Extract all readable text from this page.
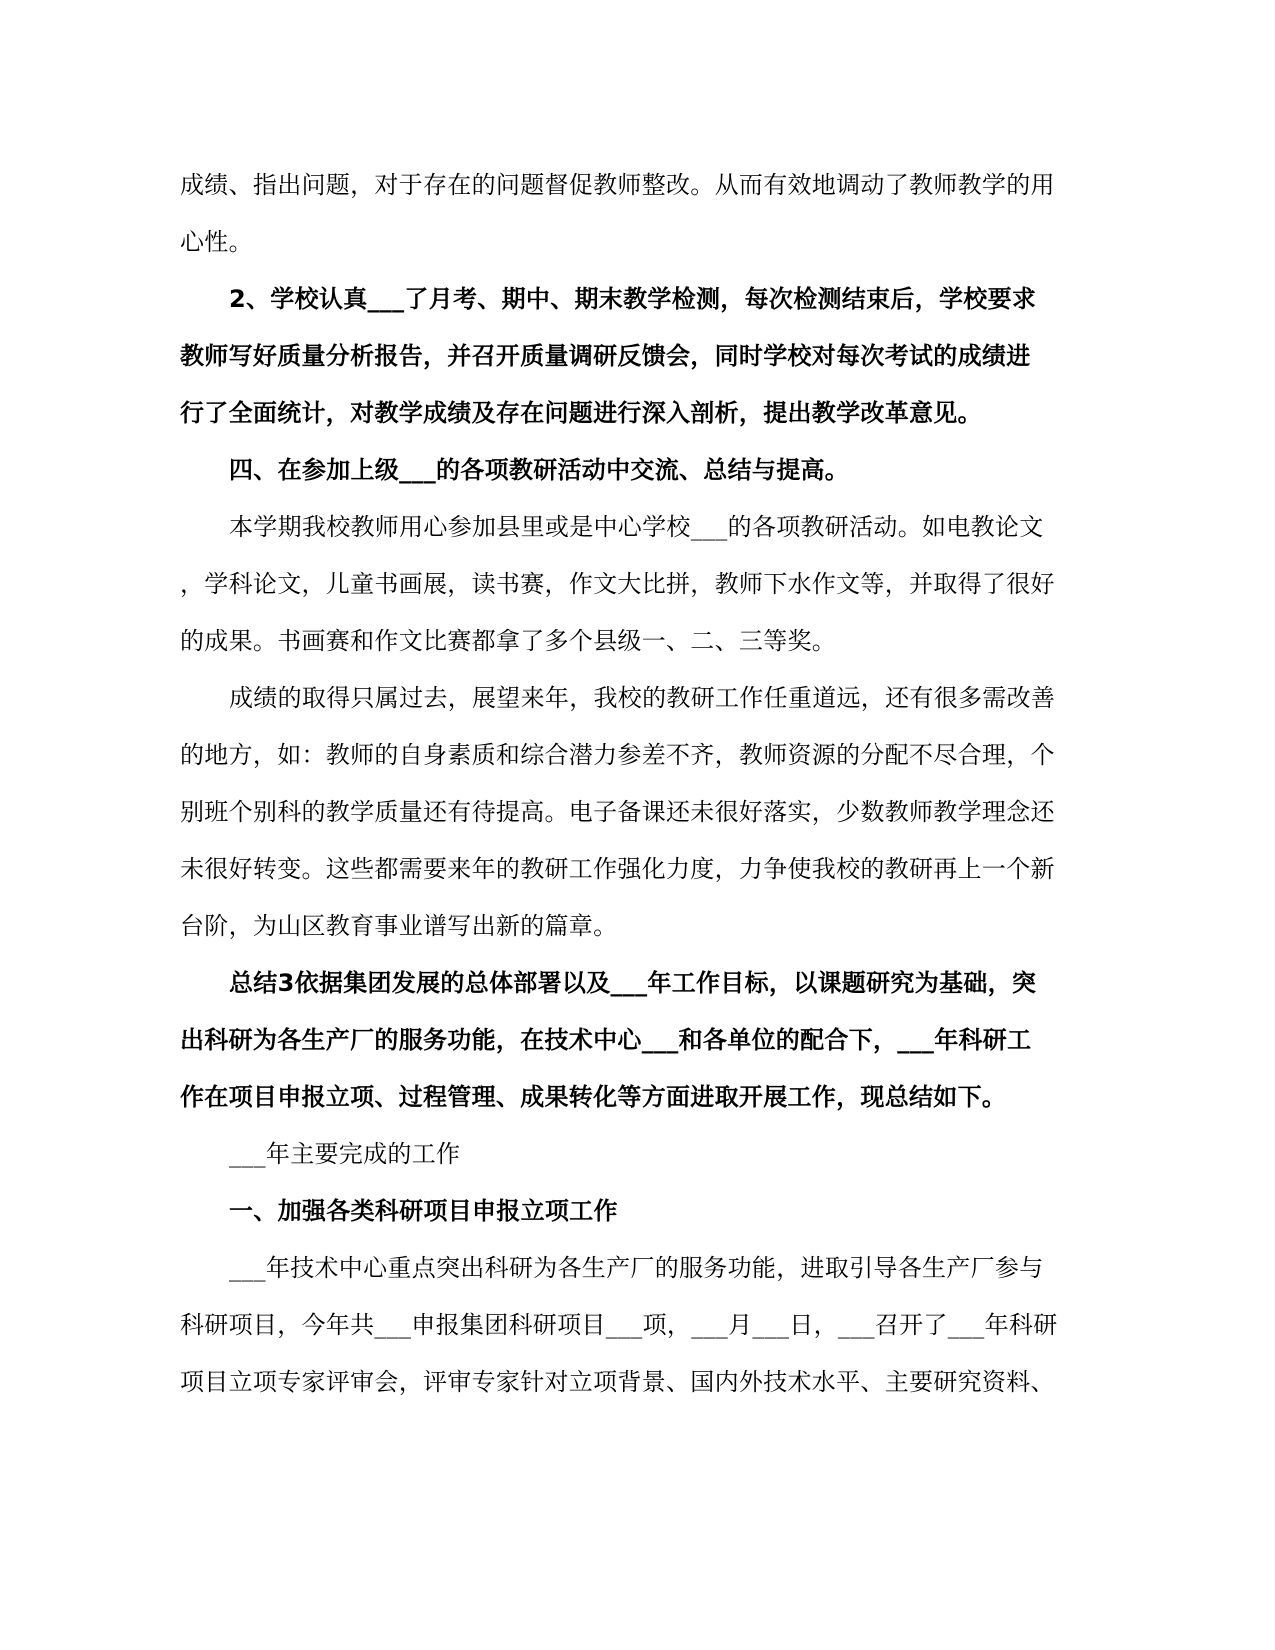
成绩、指出问题，对于存在的问题督促教师整改。从而有效地调动了教师教学的用
心性。
2、学校认真___了月考、期中、期末教学检测，每次检测结束后，学校要求
教师写好质量分析报告，并召开质量调研反馈会，同时学校对每次考试的成绩进
行了全面统计，对教学成绩及存在问题进行深入剖析，提出教学改革意见。
四、在参加上级___的各项教研活动中交流、总结与提高。
本学期我校教师用心参加县里或是中心学校___的各项教研活动。如电教论文
，学科论文，儿童书画展，读书赛，作文大比拼，教师下水作文等，并取得了很好
的成果。书画赛和作文比赛都拿了多个县级一、二、三等奖。
成绩的取得只属过去，展望来年，我校的教研工作任重道远，还有很多需改善
的地方，如：教师的自身素质和综合潜力参差不齐，教师资源的分配不尽合理，个
别班个别科的教学质量还有待提高。电子备课还未很好落实，少数教师教学理念还
未很好转变。这些都需要来年的教研工作强化力度，力争使我校的教研再上一个新
台阶，为山区教育事业谱写出新的篇章。
总结3依据集团发展的总体部署以及___年工作目标，以课题研究为基础，突
出科研为各生产厂的服务功能，在技术中心___和各单位的配合下，___年科研工
作在项目申报立项、过程管理、成果转化等方面进取开展工作，现总结如下。
___年主要完成的工作
一、加强各类科研项目申报立项工作
___年技术中心重点突出科研为各生产厂的服务功能，进取引导各生产厂参与
科研项目，今年共___申报集团科研项目___项，___月___日，___召开了___年科研
项目立项专家评审会，评审专家针对立项背景、国内外技术水平、主要研究资料、
